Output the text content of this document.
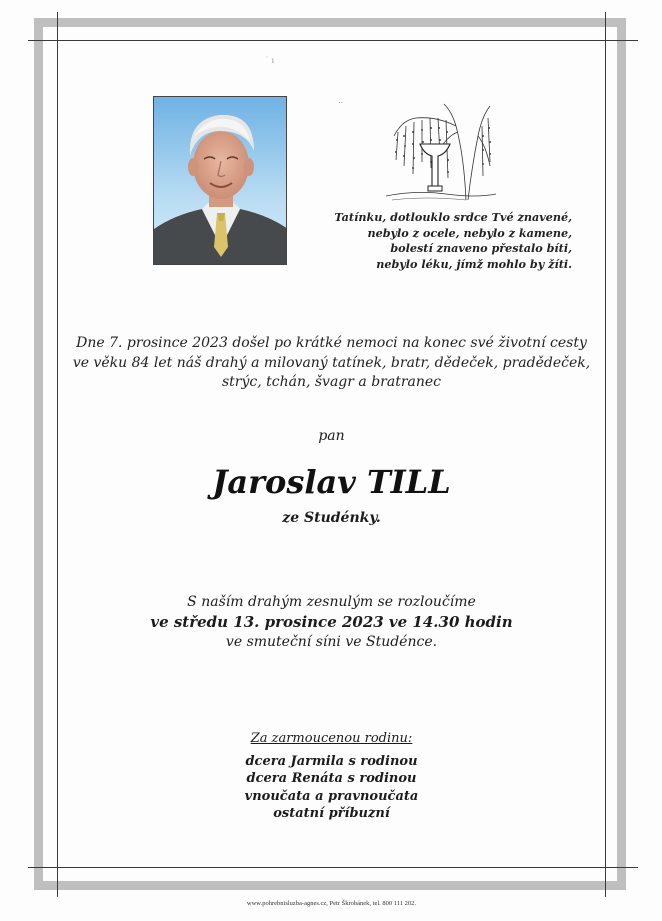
˙ ı
‥
Tatínku, dotlouklo srdce Tvé znavené,
nebylo z ocele, nebylo z kamene,
bolestí znaveno přestalo bíti,
nebylo léku, jímž mohlo by žíti.
Dne 7. prosince 2023 došel po krátké nemoci na konec své životní cesty
ve věku 84 let náš drahý a milovaný tatínek, bratr, dědeček, pradědeček,
strýc, tchán, švagr a bratranec
pan
Jaroslav TILL
ze Studénky.
S naším drahým zesnulým se rozloučíme
ve středu 13. prosince 2023 ve 14.30 hodin
ve smuteční síni ve Studénce.
Za zarmoucenou rodinu:
dcera Jarmila s rodinou
dcera Renáta s rodinou
vnoučata a pravnoučata
ostatní příbuzní
www.pohrebnisluzba-agnes.cz, Petr Škrobánek, tel. 800 111 202.
